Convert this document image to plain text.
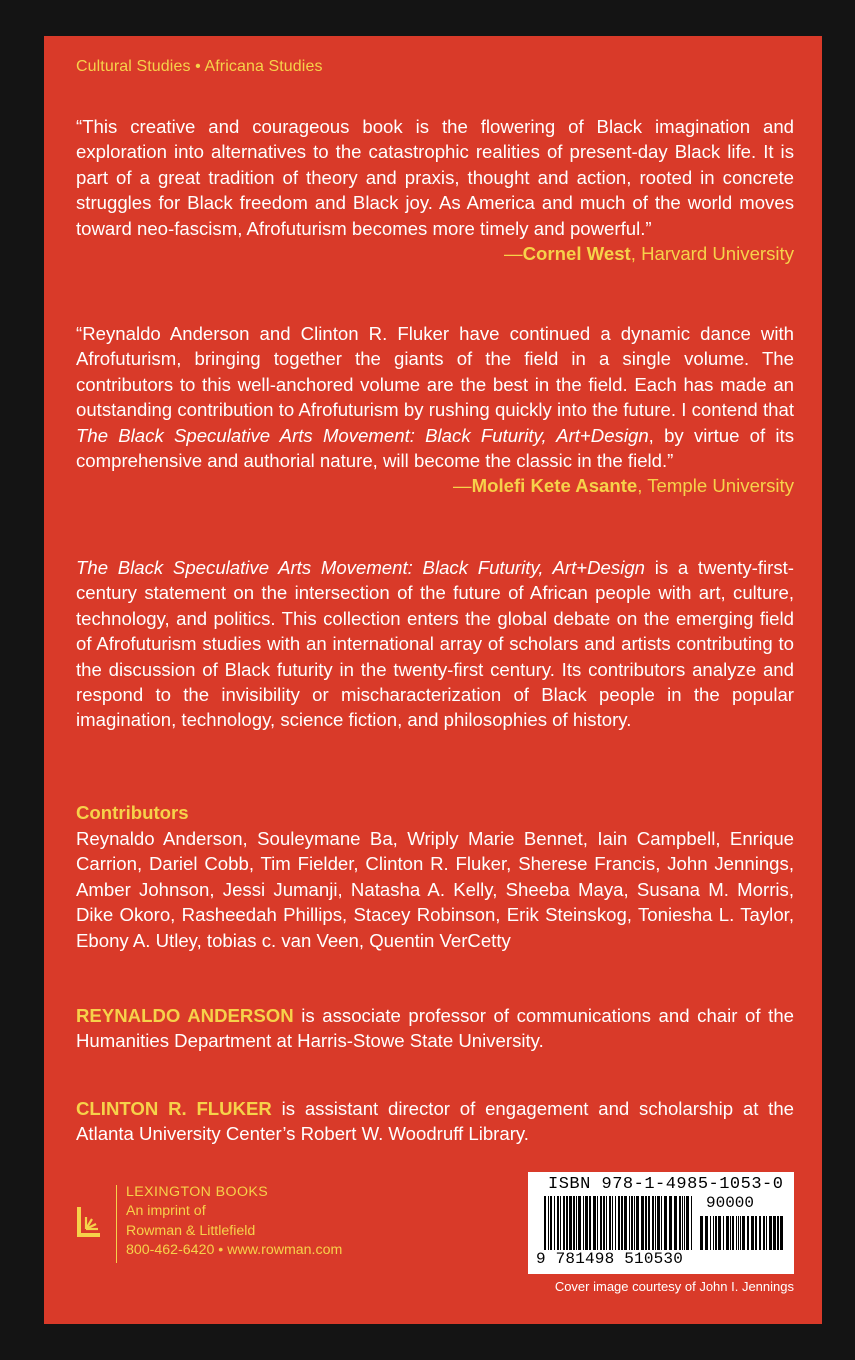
Cultural Studies • Africana Studies

“This creative and courageous book is the flowering of Black imagination and exploration into alternatives to the catastrophic realities of present-day Black life. It is part of a great tradition of theory and praxis, thought and action, rooted in concrete struggles for Black freedom and Black joy. As America and much of the world moves toward neo-fascism, Afrofuturism becomes more timely and powerful.”

—Cornel West, Harvard University

“Reynaldo Anderson and Clinton R. Fluker have continued a dynamic dance with Afrofuturism, bringing together the giants of the field in a single volume. The contributors to this well-anchored volume are the best in the field. Each has made an outstanding contribution to Afrofuturism by rushing quickly into the future. I contend that The Black Speculative Arts Movement: Black Futurity, Art+Design, by virtue of its comprehensive and authorial nature, will become the classic in the field.”

—Molefi Kete Asante, Temple University

The Black Speculative Arts Movement: Black Futurity, Art+Design is a twenty-first-century statement on the intersection of the future of African people with art, culture, technology, and politics. This collection enters the global debate on the emerging field of Afrofuturism studies with an international array of scholars and artists contributing to the discussion of Black futurity in the twenty-first century. Its contributors analyze and respond to the invisibility or mischaracterization of Black people in the popular imagination, technology, science fiction, and philosophies of history.

Contributors

Reynaldo Anderson, Souleymane Ba, Wriply Marie Bennet, Iain Campbell, Enrique Carrion, Dariel Cobb, Tim Fielder, Clinton R. Fluker, Sherese Francis, John Jennings, Amber Johnson, Jessi Jumanji, Natasha A. Kelly, Sheeba Maya, Susana M. Morris, Dike Okoro, Rasheedah Phillips, Stacey Robinson, Erik Steinskog, Toniesha L. Taylor, Ebony A. Utley, tobias c. van Veen, Quentin VerCetty

REYNALDO ANDERSON is associate professor of communications and chair of the Humanities Department at Harris-Stowe State University.

CLINTON R. FLUKER is assistant director of engagement and scholarship at the Atlanta University Center’s Robert W. Woodruff Library.

LEXINGTON BOOKS
An imprint of
Rowman & Littlefield
800-462-6420 • www.rowman.com
ISBN 978-1-4985-1053-0
90000
9 781498 510530
Cover image courtesy of John I. Jennings
